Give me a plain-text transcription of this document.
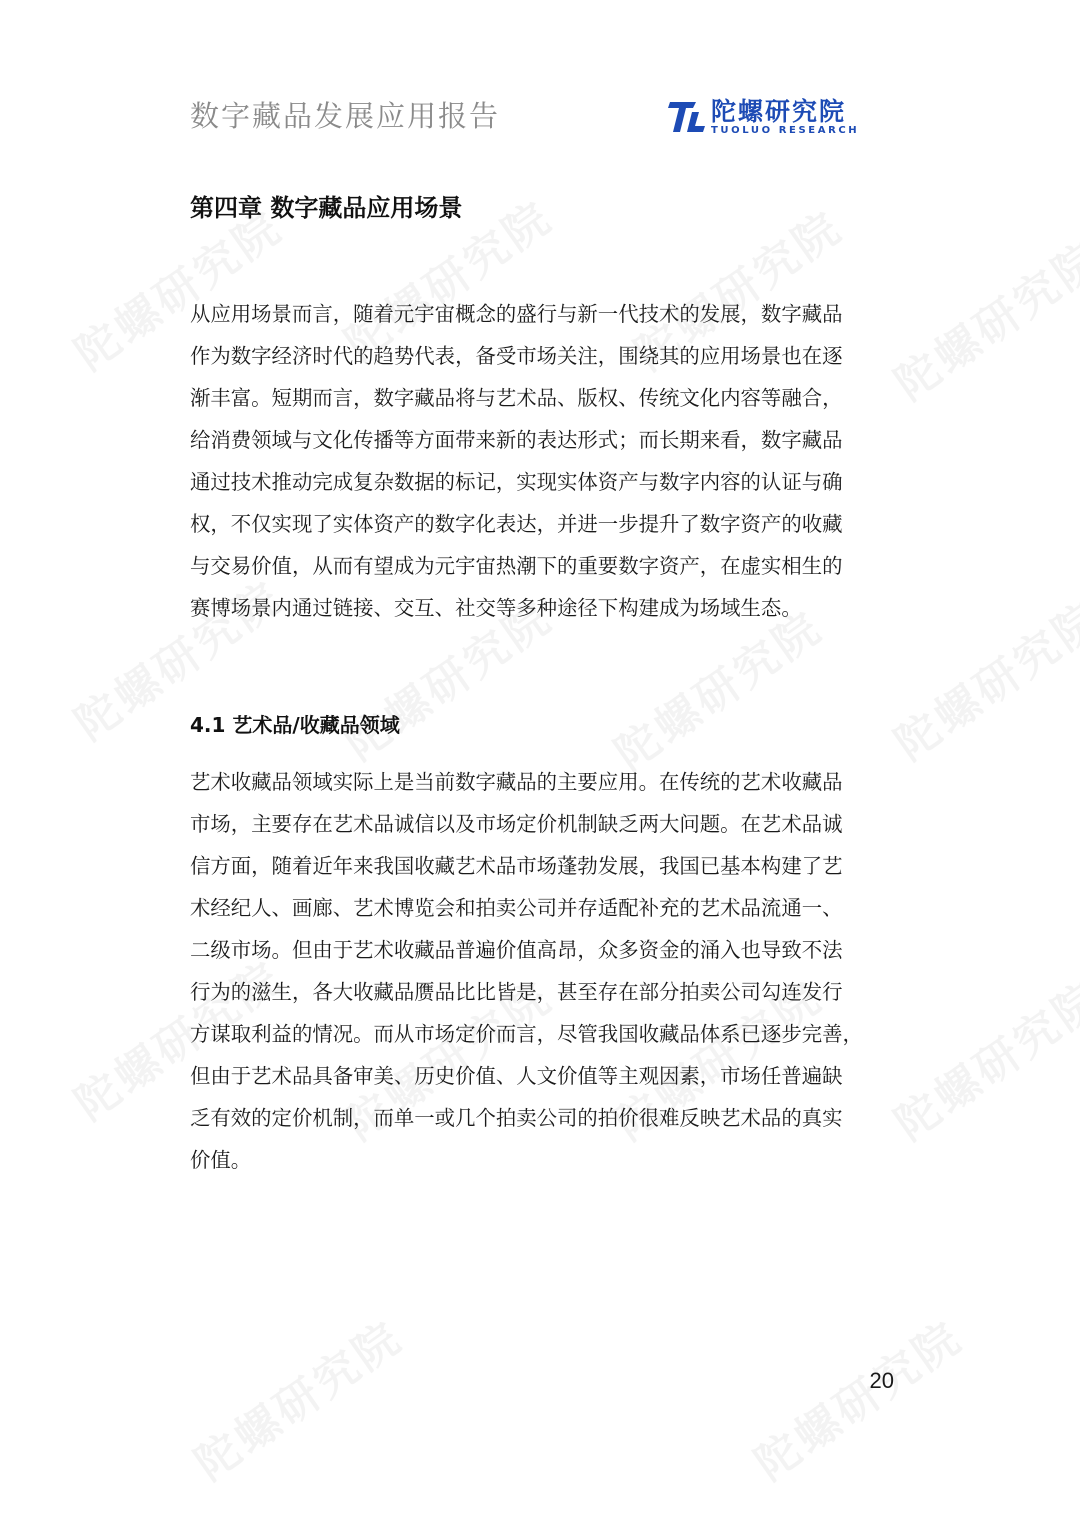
数字藏品发展应用报告	陀螺研究院
TUOLUO RESEARCH
第四章 数字藏品应用场景
从应用场景而言，随着元宇宙概念的盛行与新一代技术的发展，数字藏品
作为数字经济时代的趋势代表，备受市场关注，围绕其的应用场景也在逐
渐丰富。短期而言，数字藏品将与艺术品、版权、传统文化内容等融合，
给消费领域与文化传播等方面带来新的表达形式；而长期来看，数字藏品
通过技术推动完成复杂数据的标记，实现实体资产与数字内容的认证与确
权，不仅实现了实体资产的数字化表达，并进一步提升了数字资产的收藏
与交易价值，从而有望成为元宇宙热潮下的重要数字资产，在虚实相生的
赛博场景内通过链接、交互、社交等多种途径下构建成为场域生态。
4.1 艺术品/收藏品领域
艺术收藏品领域实际上是当前数字藏品的主要应用。在传统的艺术收藏品
市场，主要存在艺术品诚信以及市场定价机制缺乏两大问题。在艺术品诚
信方面，随着近年来我国收藏艺术品市场蓬勃发展，我国已基本构建了艺
术经纪人、画廊、艺术博览会和拍卖公司并存适配补充的艺术品流通一、
二级市场。但由于艺术收藏品普遍价值高昂，众多资金的涌入也导致不法
行为的滋生，各大收藏品赝品比比皆是，甚至存在部分拍卖公司勾连发行
方谋取利益的情况。而从市场定价而言，尽管我国收藏品体系已逐步完善，
但由于艺术品具备审美、历史价值、人文价值等主观因素，市场任普遍缺
乏有效的定价机制，而单一或几个拍卖公司的拍价很难反映艺术品的真实
价值。
20
